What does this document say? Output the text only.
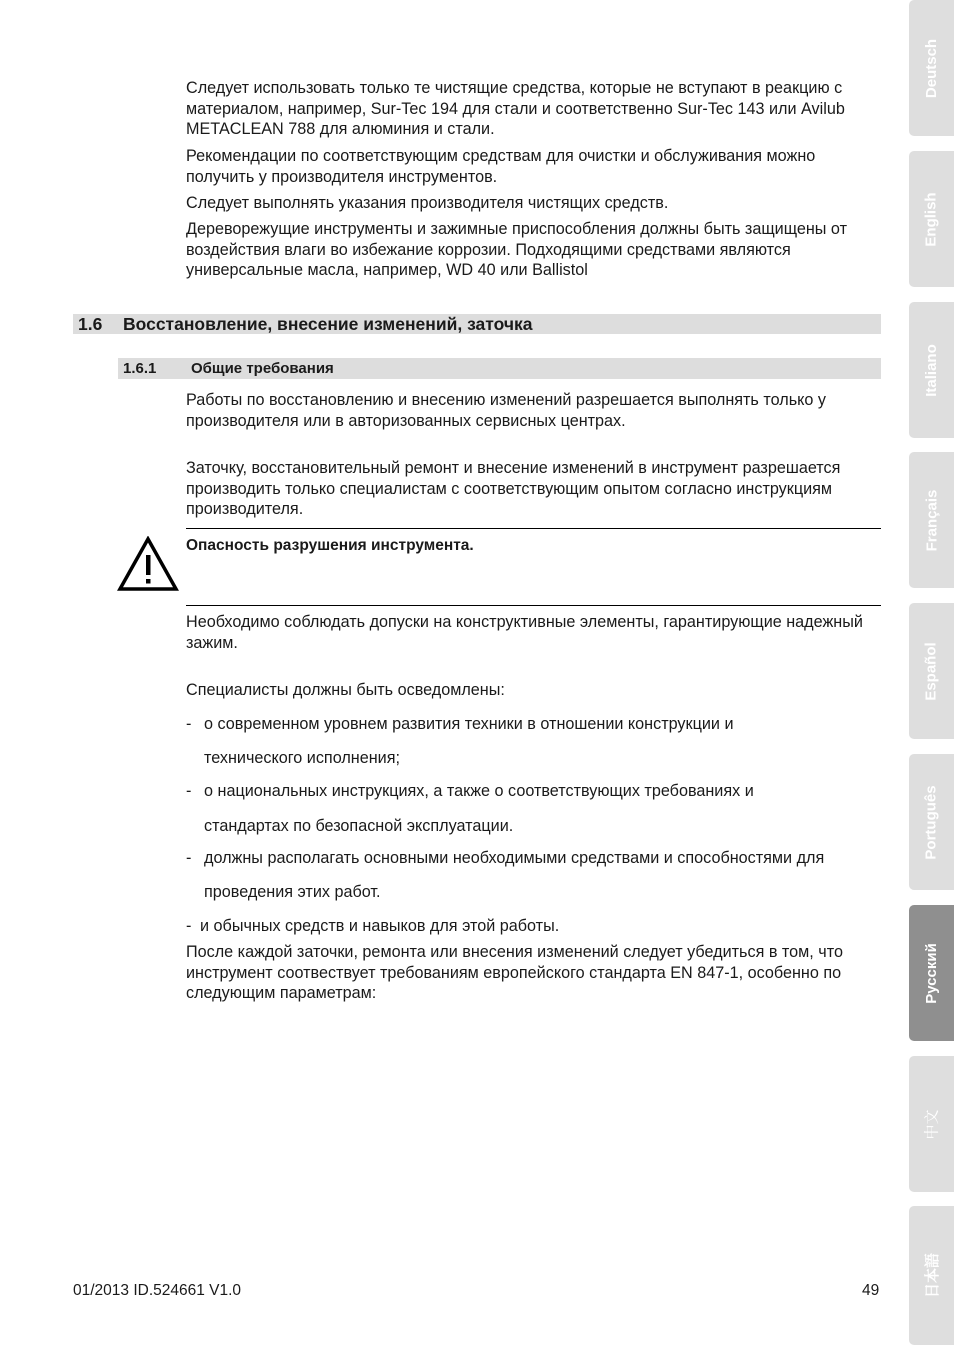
Следует использовать только те чистящие средства, которые не вступают в реакцию с материалом, например, Sur-Tec 194 для стали и соответственно Sur-Tec 143 или Avilub METACLEAN 788 для алюминия и стали.

Рекомендации по соответствующим средствам для очистки и обслуживания можно получить у производителя инструментов.

Следует выполнять указания производителя чистящих средств.

Дереворежущие инструменты и зажимные приспособления должны быть защищены от воздействия влаги во избежание коррозии. Подходящими средствами являются универсальные масла, например, WD 40 или Ballistol

1.6 Восстановление, внесение изменений, заточка
1.6.1 Общие требования

Работы по восстановлению и внесению изменений разрешается выполнять только у производителя или в авторизованных сервисных центрах.

Заточку, восстановительный ремонт и внесение изменений в инструмент разрешается производить только специалистам с соответствующим опытом согласно инструкциям производителя.

Опасность разрушения инструмента.

Необходимо соблюдать допуски на конструктивные элементы, гарантирующие надежный зажим.

Специалисты должны быть осведомлены:

- о современном уровнем развития техники в отношении конструкции и
технического исполнения;
- о национальных инструкциях, а также о соответствующих требованиях и
стандартах по безопасной эксплуатации.
- должны располагать основными необходимыми средствами и способностями для
проведения этих работ.
- и обычных средств и навыков для этой работы.

После каждой заточки, ремонта или внесения изменений следует убедиться в том, что инструмент соотвествует требованиям европейского стандарта EN 847-1, особенно по следующим параметрам:

01/2013 ID.524661 V1.0	49
Deutsch
English
Italiano
Français
Español
Português
Русский
中文
日本語
